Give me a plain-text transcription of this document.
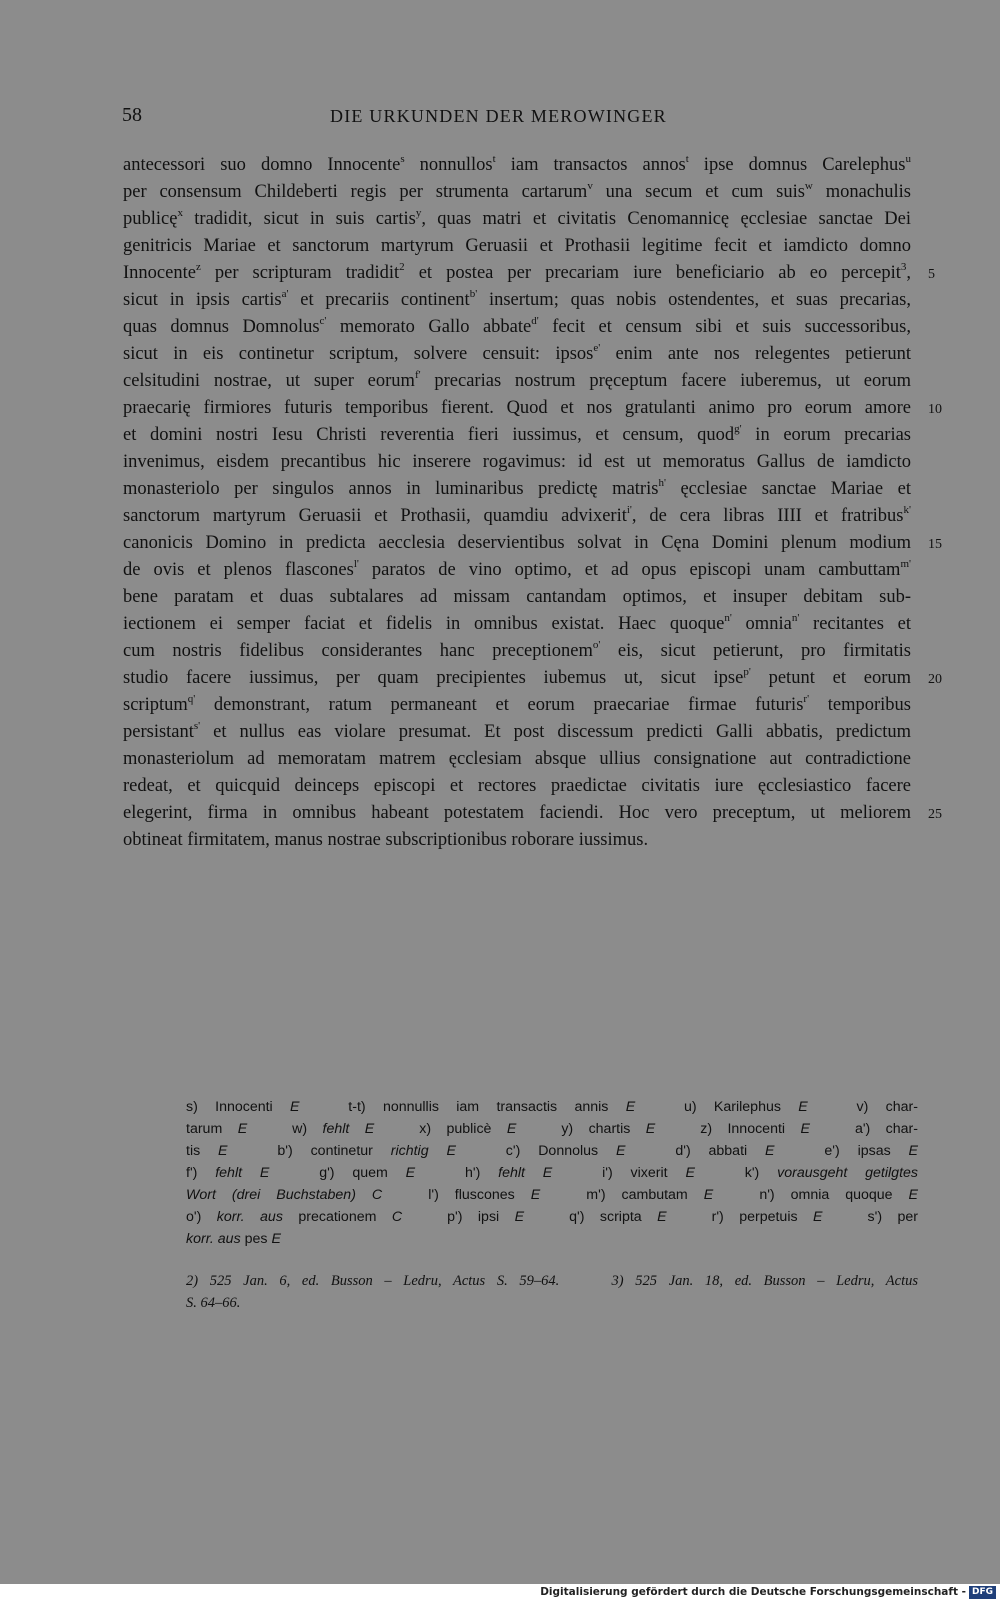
58	DIE URKUNDEN DER MEROWINGER
antecessori suo domno Innocente$^s$ nonnullos$^t$ iam transactos annos$^t$ ipse domnus Carelephus$^u$
per consensum Childeberti regis per strumenta cartarum$^v$ una secum et cum suis$^w$ monachulis
publicę$^x$ tradidit, sicut in suis cartis$^y$, quas matri et civitatis Cenomannicę ęcclesiae sanctae Dei
genitricis Mariae et sanctorum martyrum Geruasii et Prothasii legitime fecit et iamdicto domno
Innocente$^z$ per scripturam tradidit$^2$ et postea per precariam iure beneficiario ab eo percepit$^3$, 5
sicut in ipsis cartis$^{a'}$ et precariis continent$^{b'}$ insertum; quas nobis ostendentes, et suas precarias,
quas domnus Domnolus$^{c'}$ memorato Gallo abbate$^{d'}$ fecit et censum sibi et suis successoribus,
sicut in eis continetur scriptum, solvere censuit: ipsos$^{e'}$ enim ante nos relegentes petierunt
celsitudini nostrae, ut super eorum$^{f'}$ precarias nostrum pręceptum facere iuberemus, ut eorum
praecarię firmiores futuris temporibus fierent. Quod et nos gratulanti animo pro eorum amore 10
et domini nostri Iesu Christi reverentia fieri iussimus, et censum, quod$^{g'}$ in eorum precarias
invenimus, eisdem precantibus hic inserere rogavimus: id est ut memoratus Gallus de iamdicto
monasteriolo per singulos annos in luminaribus predictę matris$^{h'}$ ęcclesiae sanctae Mariae et
sanctorum martyrum Geruasii et Prothasii, quamdiu advixerit$^{i'}$, de cera libras IIII et fratribus$^{k'}$
canonicis Domino in predicta aecclesia deservientibus solvat in Cęna Domini plenum modium 15
de ovis et plenos flascones$^{l'}$ paratos de vino optimo, et ad opus episcopi unam cambuttam$^{m'}$
bene paratam et duas subtalares ad missam cantandam optimos, et insuper debitam sub-
iectionem ei semper faciat et fidelis in omnibus existat. Haec quoque$^{n'}$ omnia$^{n'}$ recitantes et
cum nostris fidelibus considerantes hanc preceptionem$^{o'}$ eis, sicut petierunt, pro firmitatis
studio facere iussimus, per quam precipientes iubemus ut, sicut ipse$^{p'}$ petunt et eorum 20
scriptum$^{q'}$ demonstrant, ratum permaneant et eorum praecariae firmae futuris$^{r'}$ temporibus
persistant$^{s'}$ et nullus eas violare presumat. Et post discessum predicti Galli abbatis, predictum
monasteriolum ad memoratam matrem ęcclesiam absque ullius consignatione aut contradictione
redeat, et quicquid deinceps episcopi et rectores praedictae civitatis iure ęcclesiastico facere
elegerint, firma in omnibus habeant potestatem faciendi. Hoc vero preceptum, ut meliorem 25
obtineat firmitatem, manus nostrae subscriptionibus roborare iussimus.
s) Innocenti E   t-t) nonnullis iam transactis annis E   u) Karilephus E   v) char-
tarum E   w) fehlt E   x) publicè E   y) chartis E   z) Innocenti E   a') char-
tis E   b') continetur richtig E   c') Donnolus E   d') abbati E   e') ipsas E
f') fehlt E   g') quem E   h') fehlt E   i') vixerit E   k') vorausgeht getilgtes
Wort (drei Buchstaben) C   l') fluscones E   m') cambutam E   n') omnia quoque E
o') korr. aus precationem C   p') ipsi E   q') scripta E   r') perpetuis E   s') per
korr. aus pes E
2) 525 Jan. 6, ed. Busson – Ledru, Actus S. 59–64.    3) 525 Jan. 18, ed. Busson – Ledru, Actus
S. 64–66.
Digitalisierung gefördert durch die Deutsche Forschungsgemeinschaft - DFG
